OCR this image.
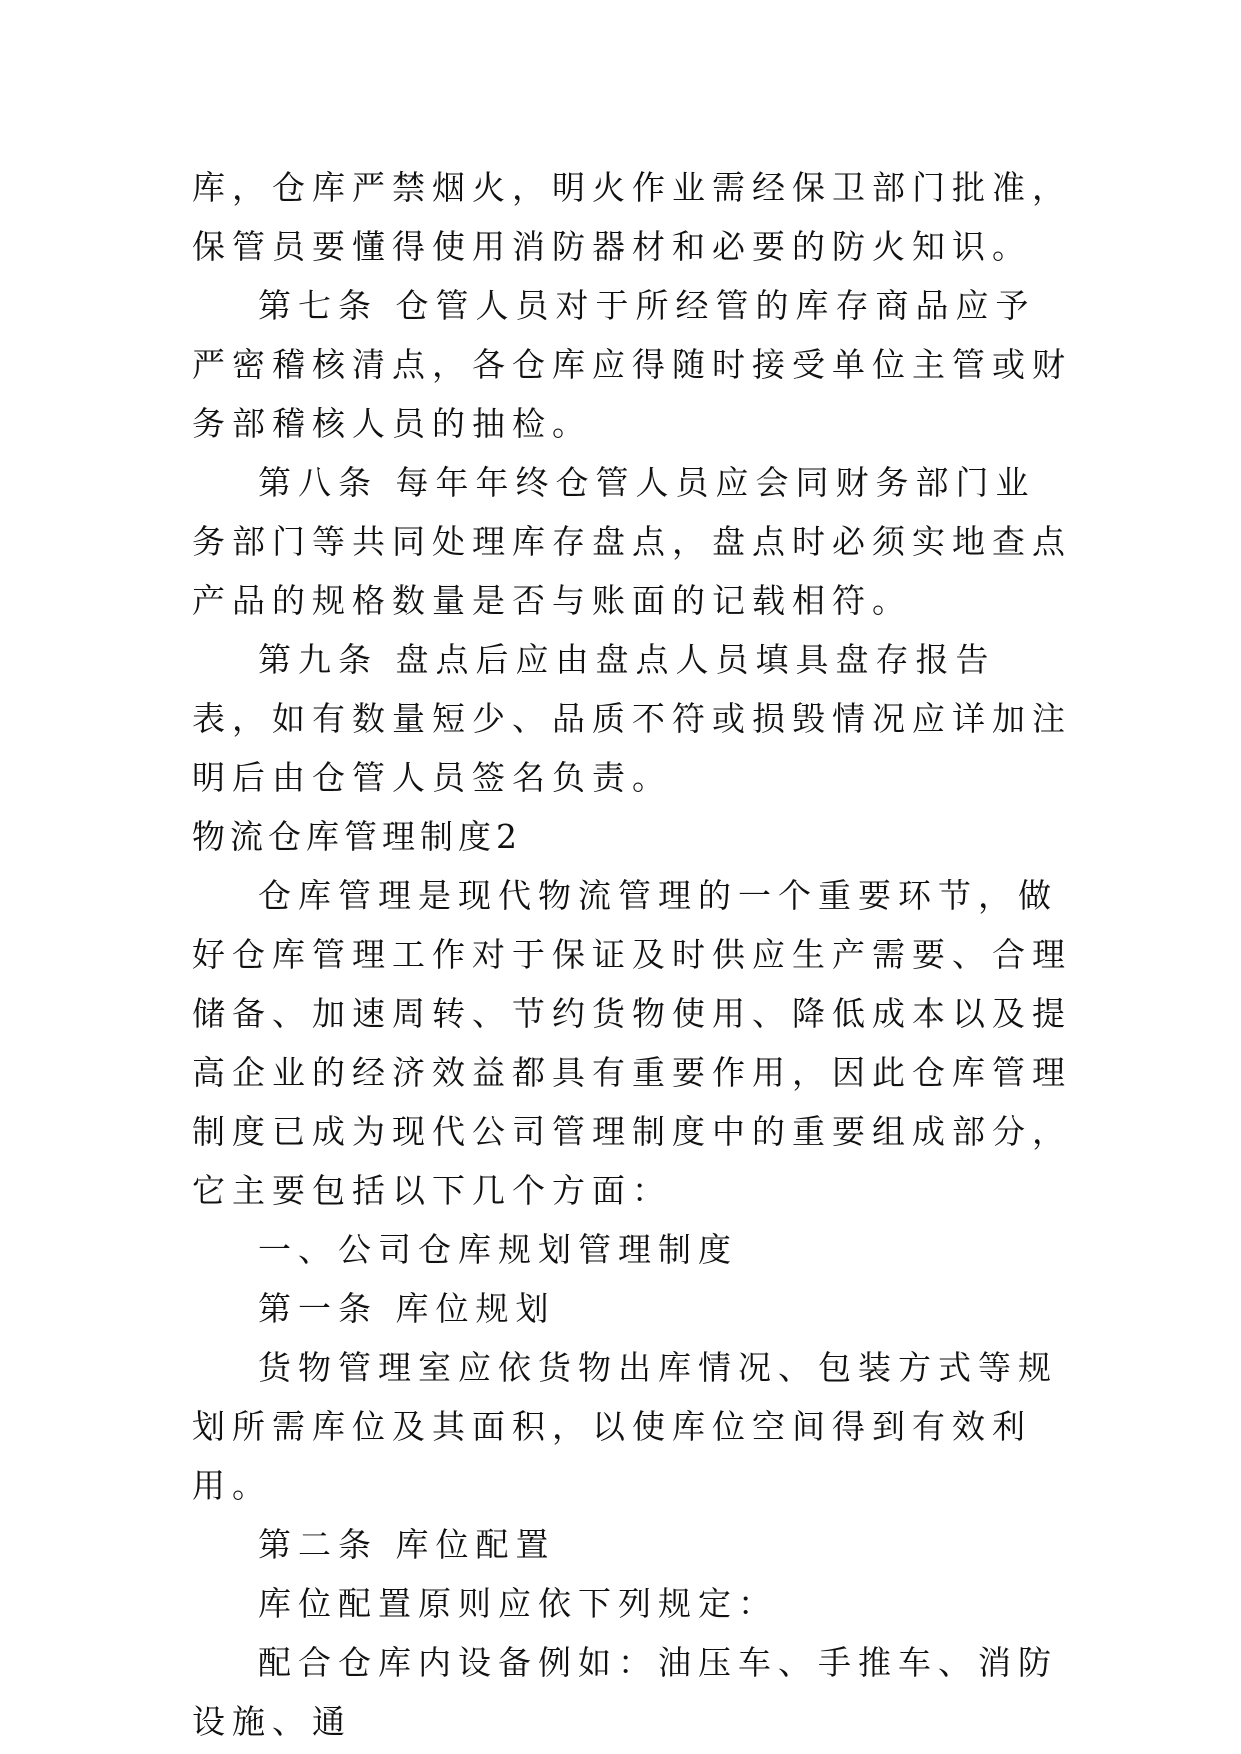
库，仓库严禁烟火，明火作业需经保卫部门批准，保管员要懂得使用消防器材和必要的防火知识。

第七条 仓管人员对于所经管的库存商品应予严密稽核清点，各仓库应得随时接受单位主管或财务部稽核人员的抽检。

第八条 每年年终仓管人员应会同财务部门业务部门等共同处理库存盘点，盘点时必须实地查点产品的规格数量是否与账面的记载相符。

第九条 盘点后应由盘点人员填具盘存报告表，如有数量短少、品质不符或损毁情况应详加注明后由仓管人员签名负责。

物流仓库管理制度2

仓库管理是现代物流管理的一个重要环节，做好仓库管理工作对于保证及时供应生产需要、合理储备、加速周转、节约货物使用、降低成本以及提高企业的经济效益都具有重要作用，因此仓库管理制度已成为现代公司管理制度中的重要组成部分，它主要包括以下几个方面：

一、公司仓库规划管理制度

第一条 库位规划

货物管理室应依货物出库情况、包装方式等规划所需库位及其面积，以使库位空间得到有效利用。

第二条 库位配置

库位配置原则应依下列规定：

配合仓库内设备例如：油压车、手推车、消防设施、通
